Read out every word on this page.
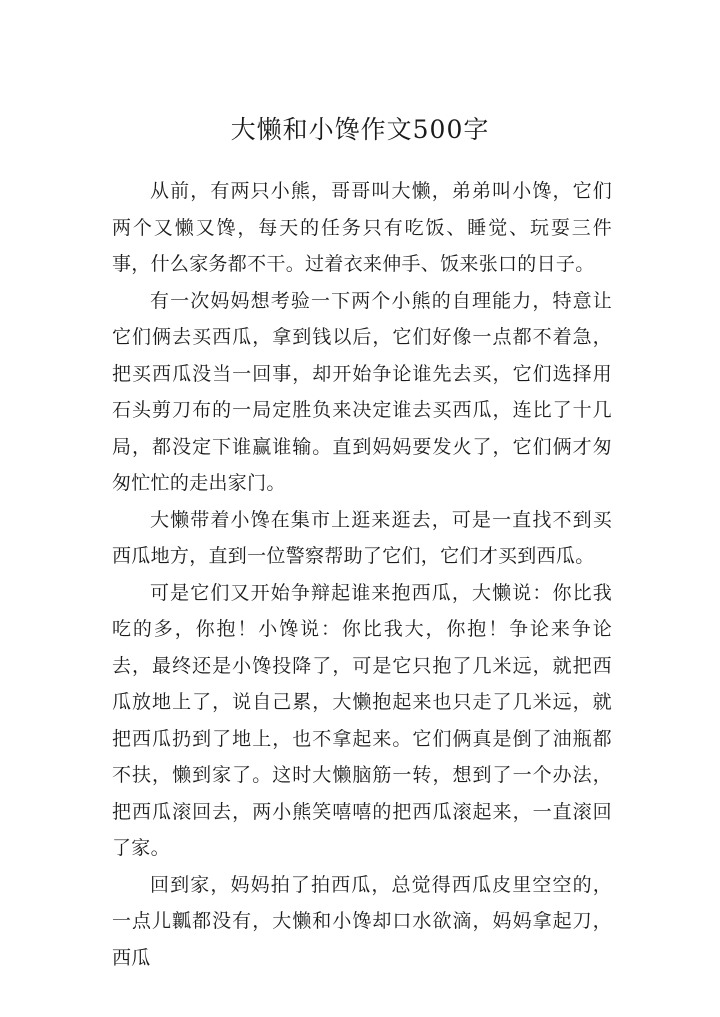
大懒和小馋作文500字

从前，有两只小熊，哥哥叫大懒，弟弟叫小馋，它们两个又懒又馋，每天的任务只有吃饭、睡觉、玩耍三件事，什么家务都不干。过着衣来伸手、饭来张口的日子。

有一次妈妈想考验一下两个小熊的自理能力，特意让它们俩去买西瓜，拿到钱以后，它们好像一点都不着急，把买西瓜没当一回事，却开始争论谁先去买，它们选择用石头剪刀布的一局定胜负来决定谁去买西瓜，连比了十几局，都没定下谁赢谁输。直到妈妈要发火了，它们俩才匆匆忙忙的走出家门。

大懒带着小馋在集市上逛来逛去，可是一直找不到买西瓜地方，直到一位警察帮助了它们，它们才买到西瓜。

可是它们又开始争辩起谁来抱西瓜，大懒说：你比我吃的多，你抱！小馋说：你比我大，你抱！争论来争论去，最终还是小馋投降了，可是它只抱了几米远，就把西瓜放地上了，说自己累，大懒抱起来也只走了几米远，就把西瓜扔到了地上，也不拿起来。它们俩真是倒了油瓶都不扶，懒到家了。这时大懒脑筋一转，想到了一个办法，把西瓜滚回去，两小熊笑嘻嘻的把西瓜滚起来，一直滚回了家。

回到家，妈妈拍了拍西瓜，总觉得西瓜皮里空空的，一点儿瓤都没有，大懒和小馋却口水欲滴，妈妈拿起刀，西瓜
